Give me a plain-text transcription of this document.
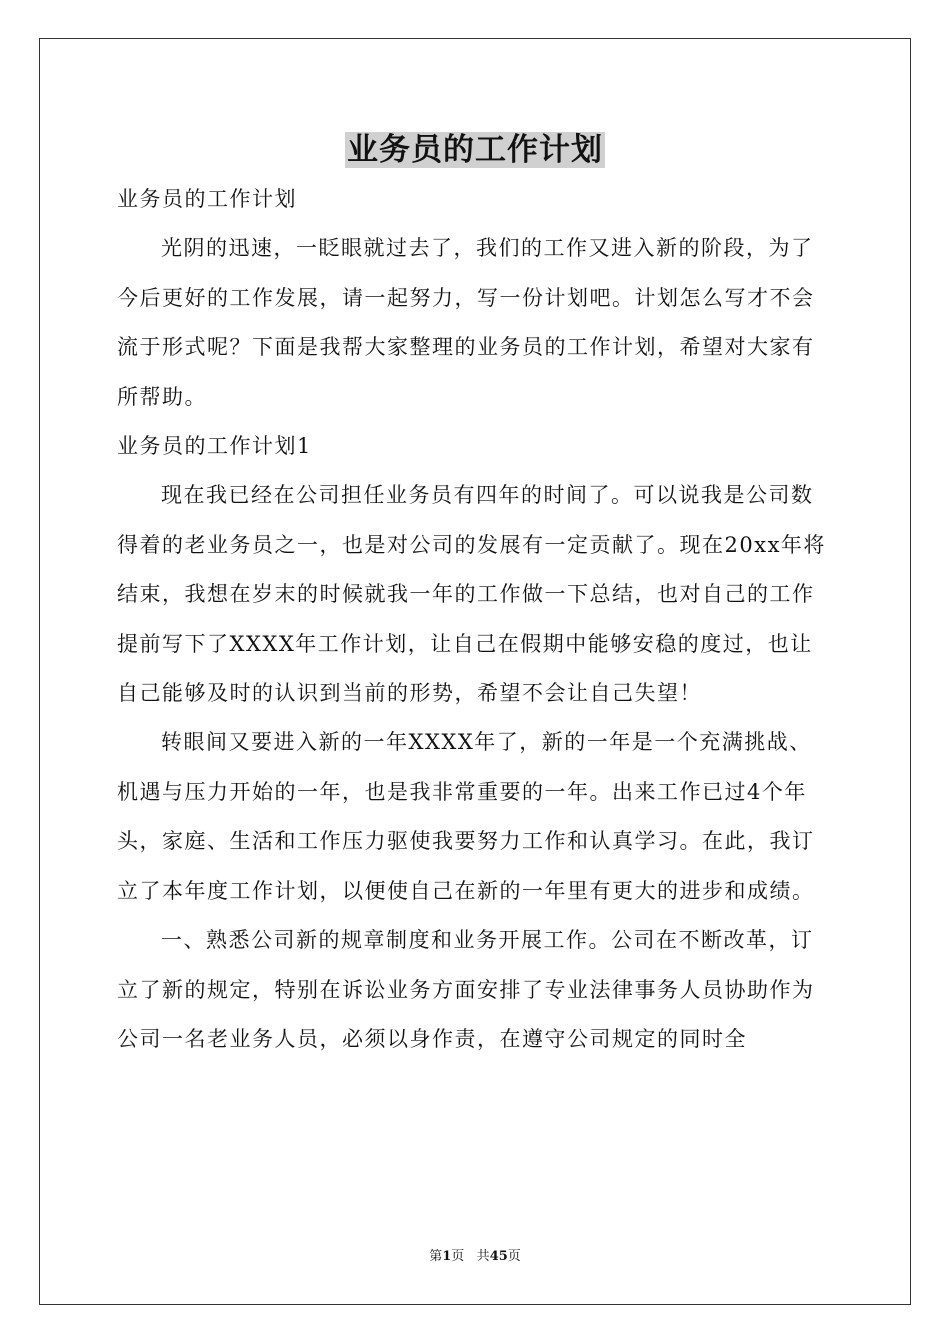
业务员的工作计划

业务员的工作计划

光阴的迅速，一眨眼就过去了，我们的工作又进入新的阶段，为了今后更好的工作发展，请一起努力，写一份计划吧。计划怎么写才不会流于形式呢？下面是我帮大家整理的业务员的工作计划，希望对大家有所帮助。

业务员的工作计划1

现在我已经在公司担任业务员有四年的时间了。可以说我是公司数得着的老业务员之一，也是对公司的发展有一定贡献了。现在20xx年将结束，我想在岁末的时候就我一年的工作做一下总结，也对自己的工作提前写下了XXXX年工作计划，让自己在假期中能够安稳的度过，也让自己能够及时的认识到当前的形势，希望不会让自己失望！

转眼间又要进入新的一年XXXX年了，新的一年是一个充满挑战、机遇与压力开始的一年，也是我非常重要的一年。出来工作已过4个年头，家庭、生活和工作压力驱使我要努力工作和认真学习。在此，我订立了本年度工作计划，以便使自己在新的一年里有更大的进步和成绩。

一、熟悉公司新的规章制度和业务开展工作。公司在不断改革，订立了新的规定，特别在诉讼业务方面安排了专业法律事务人员协助作为公司一名老业务人员，必须以身作责，在遵守公司规定的同时全

第1页 共45页
